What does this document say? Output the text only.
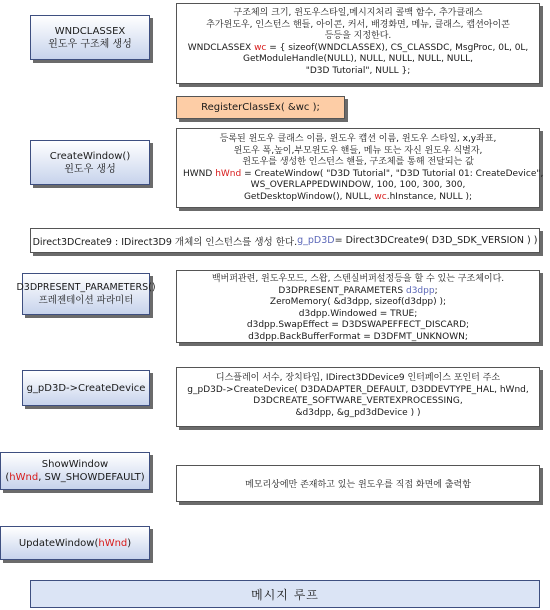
WNDCLASSEX
윈도우 구조체 생성
구조체의 크기, 윈도우스타일,메시지처리 콜백 함수, 추가클래스
추가윈도우, 인스턴스 핸들, 아이콘, 커서, 배경화면, 메뉴, 클래스, 캡션아이콘
등등을 지정한다.
WNDCLASSEX wc = { sizeof(WNDCLASSEX), CS_CLASSDC, MsgProc, 0L, 0L,
GetModuleHandle(NULL), NULL, NULL, NULL, NULL,
"D3D Tutorial", NULL };
RegisterClassEx( &wc );
CreateWindow()
윈도우 생성
등록된 윈도우 클래스 이름, 윈도우 캡션 이름, 윈도우 스타일, x,y좌표,
윈도우 폭,높이,부모윈도우 핸들, 메뉴 또는 자신 윈도우 식별자,
윈도우를 생성한 인스턴스 핸들, 구조체를 통해 전달되는 값
HWND hWnd = CreateWindow( "D3D Tutorial", "D3D Tutorial 01: CreateDevice",
WS_OVERLAPPEDWINDOW, 100, 100, 300, 300,
GetDesktopWindow(), NULL, wc.hInstance, NULL );
Direct3DCreate9 : IDirect3D9 개체의 인스턴스를 생성 한다. g_pD3D = Direct3DCreate9( D3D_SDK_VERSION ) )
D3DPRESENT_PARAMETERS()
프레젠테이션 파라미터
백버퍼관련, 윈도우모드, 스왑, 스텐실버퍼설정등을 할 수 있는 구조체이다.
D3DPRESENT_PARAMETERS d3dpp;
ZeroMemory( &d3dpp, sizeof(d3dpp) );
d3dpp.Windowed = TRUE;
d3dpp.SwapEffect = D3DSWAPEFFECT_DISCARD;
d3dpp.BackBufferFormat = D3DFMT_UNKNOWN;
g_pD3D->CreateDevice
디스플레이 서수, 장치타입, IDirect3DDevice9 인터페이스 포인터 주소
g_pD3D->CreateDevice( D3DADAPTER_DEFAULT, D3DDEVTYPE_HAL, hWnd,
D3DCREATE_SOFTWARE_VERTEXPROCESSING,
&d3dpp, &g_pd3dDevice ) )
ShowWindow
(hWnd, SW_SHOWDEFAULT)
메모리상에만 존재하고 있는 윈도우를 직접 화면에 출력함
UpdateWindow(hWnd)
메시지 루프
